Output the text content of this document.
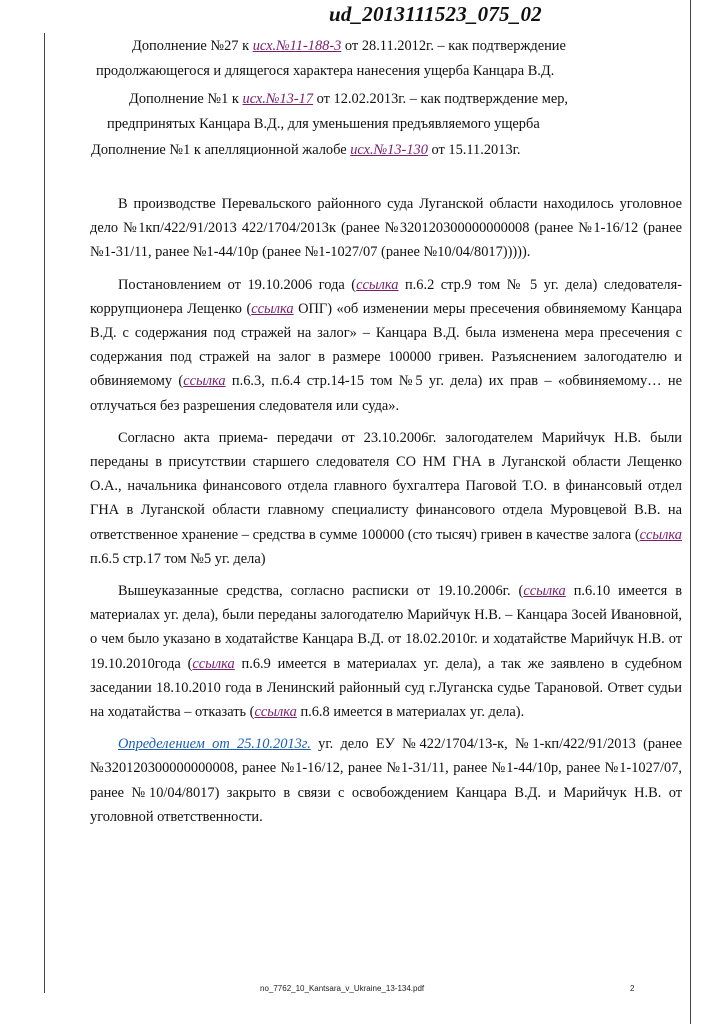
ud_2013111523_075_02
Дополнение №27 к исх.№11-188-3 от 28.11.2012г. – как подтверждение
продолжающегося и длящегося характера нанесения ущерба Канцара В.Д.
Дополнение №1 к исх.№13-17 от 12.02.2013г. – как подтверждение мер,
предпринятых Канцара В.Д., для уменьшения предъявляемого ущерба
Дополнение №1 к апелляционной жалобе исх.№13-130 от 15.11.2013г.

В производстве Перевальского районного суда Луганской области находилось уголовное дело №1кп/422/91/2013 422/1704/2013к (ранее №320120300000000008 (ранее №1-16/12 (ранее №1-31/11, ранее №1-44/10р (ранее №1-1027/07 (ранее №10/04/8017))))).

Постановлением от 19.10.2006 года (ссылка п.6.2 стр.9 том № 5 уг. дела) следователя-коррупционера Лещенко (ссылка ОПГ) «об изменении меры пресечения обвиняемому Канцара В.Д. с содержания под стражей на залог» – Канцара В.Д. была изменена мера пресечения с содержания под стражей на залог в размере 100000 гривен. Разъяснением залогодателю и обвиняемому (ссылка п.6.3, п.6.4 стр.14-15 том №5 уг. дела) их прав – «обвиняемому… не отлучаться без разрешения следователя или суда».

Согласно акта приема- передачи от 23.10.2006г. залогодателем Марийчук Н.В. были переданы в присутствии старшего следователя СО НМ ГНА в Луганской области Лещенко О.А., начальника финансового отдела главного бухгалтера Паговой Т.О. в финансовый отдел ГНА в Луганской области главному специалисту финансового отдела Муровцевой В.В. на ответственное хранение – средства в сумме 100000 (сто тысяч) гривен в качестве залога (ссылка п.6.5 стр.17 том №5 уг. дела)

Вышеуказанные средства, согласно расписки от 19.10.2006г. (ссылка п.6.10 имеется в материалах уг. дела), были переданы залогодателю Марийчук Н.В. – Канцара Зосей Ивановной, о чем было указано в ходатайстве Канцара В.Д. от 18.02.2010г. и ходатайстве Марийчук Н.В. от 19.10.2010года (ссылка п.6.9 имеется в материалах уг. дела), а так же заявлено в судебном заседании 18.10.2010 года в Ленинский районный суд г.Луганска судье Тарановой. Ответ судьи на ходатайства – отказать (ссылка п.6.8 имеется в материалах уг. дела).

Определением от 25.10.2013г. уг. дело ЕУ №422/1704/13-к, №1-кп/422/91/2013 (ранее №320120300000000008, ранее №1-16/12, ранее №1-31/11, ранее №1-44/10р, ранее №1-1027/07, ранее №10/04/8017) закрыто в связи с освобождением Канцара В.Д. и Марийчук Н.В. от уголовной ответственности.

no_7762_10_Kantsara_v_Ukraine_13-134.pdf	2
